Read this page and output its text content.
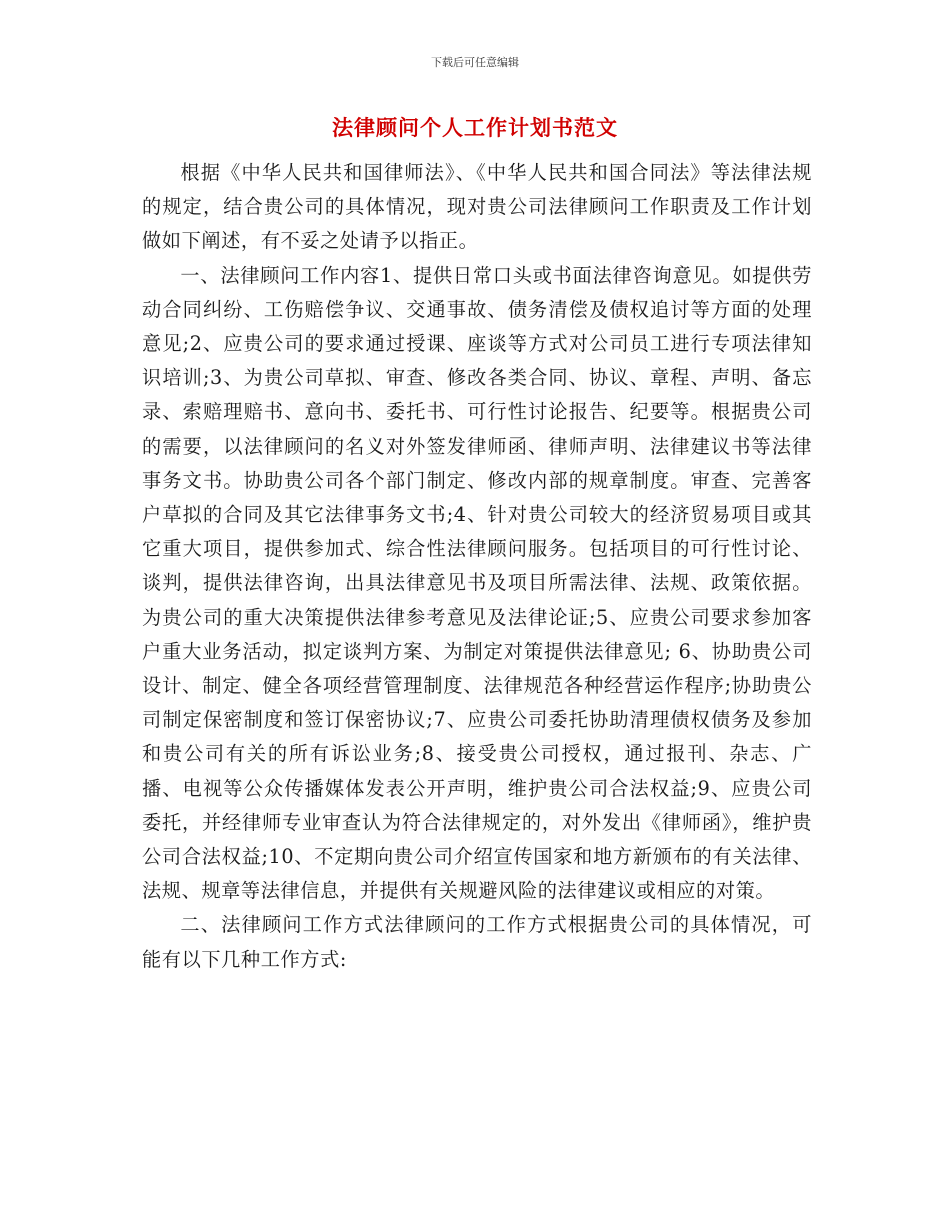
下载后可任意编辑
法律顾问个人工作计划书范文

根据《中华人民共和国律师法》、《中华人民共和国合同法》等法律法规的规定，结合贵公司的具体情况，现对贵公司法律顾问工作职责及工作计划做如下阐述，有不妥之处请予以指正。

一、法律顾问工作内容1、提供日常口头或书面法律咨询意见。如提供劳动合同纠纷、工伤赔偿争议、交通事故、债务清偿及债权追讨等方面的处理意见;2、应贵公司的要求通过授课、座谈等方式对公司员工进行专项法律知识培训;3、为贵公司草拟、审查、修改各类合同、协议、章程、声明、备忘录、索赔理赔书、意向书、委托书、可行性讨论报告、纪要等。根据贵公司的需要，以法律顾问的名义对外签发律师函、律师声明、法律建议书等法律事务文书。协助贵公司各个部门制定、修改内部的规章制度。审查、完善客户草拟的合同及其它法律事务文书;4、针对贵公司较大的经济贸易项目或其它重大项目，提供参加式、综合性法律顾问服务。包括项目的可行性讨论、谈判，提供法律咨询，出具法律意见书及项目所需法律、法规、政策依据。为贵公司的重大决策提供法律参考意见及法律论证;5、应贵公司要求参加客户重大业务活动，拟定谈判方案、为制定对策提供法律意见; 6、协助贵公司设计、制定、健全各项经营管理制度、法律规范各种经营运作程序;协助贵公司制定保密制度和签订保密协议;7、应贵公司委托协助清理债权债务及参加和贵公司有关的所有诉讼业务;8、接受贵公司授权，通过报刊、杂志、广播、电视等公众传播媒体发表公开声明，维护贵公司合法权益;9、应贵公司委托，并经律师专业审查认为符合法律规定的，对外发出《律师函》，维护贵公司合法权益;10、不定期向贵公司介绍宣传国家和地方新颁布的有关法律、法规、规章等法律信息，并提供有关规避风险的法律建议或相应的对策。

二、法律顾问工作方式法律顾问的工作方式根据贵公司的具体情况，可能有以下几种工作方式:
